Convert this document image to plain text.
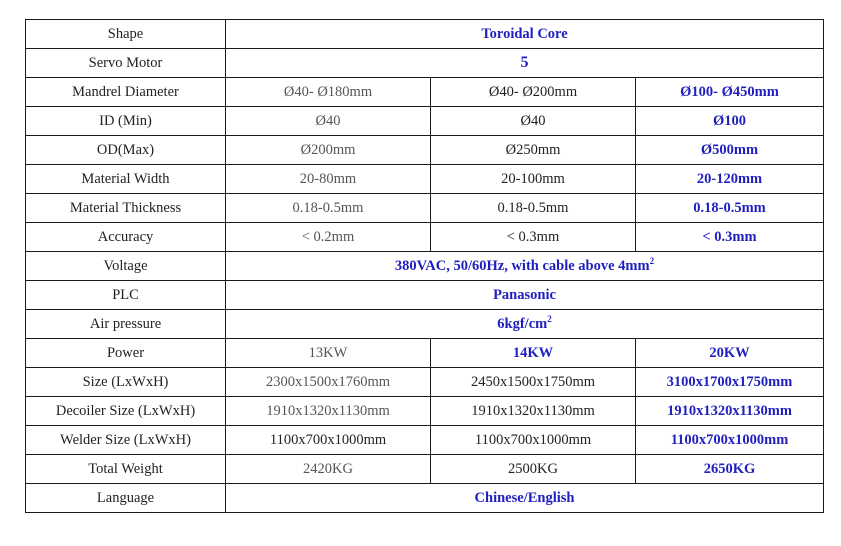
Shape	Toroidal Core		
Servo Motor	5		
Mandrel Diameter	Ø40- Ø180mm	Ø40- Ø200mm	Ø100- Ø450mm
ID (Min)	Ø40	Ø40	Ø100
OD(Max)	Ø200mm	Ø250mm	Ø500mm
Material Width	20-80mm	20-100mm	20-120mm
Material Thickness	0.18-0.5mm	0.18-0.5mm	0.18-0.5mm
Accuracy	< 0.2mm	< 0.3mm	< 0.3mm
Voltage	380VAC, 50/60Hz, with cable above $4mm^2$
PLC	Panasonic		
Air pressure	$6kgf/cm^2$
Power	13KW	14KW	20KW
Size (LxWxH)	2300x1500x1760mm	2450x1500x1750mm	3100x1700x1750mm
Decoiler Size (LxWxH)	1910x1320x1130mm	1910x1320x1130mm	1910x1320x1130mm
Welder Size (LxWxH)	1100x700x1000mm	1100x700x1000mm	1100x700x1000mm
Total Weight	2420KG	2500KG	2650KG
Language	Chinese/English		
